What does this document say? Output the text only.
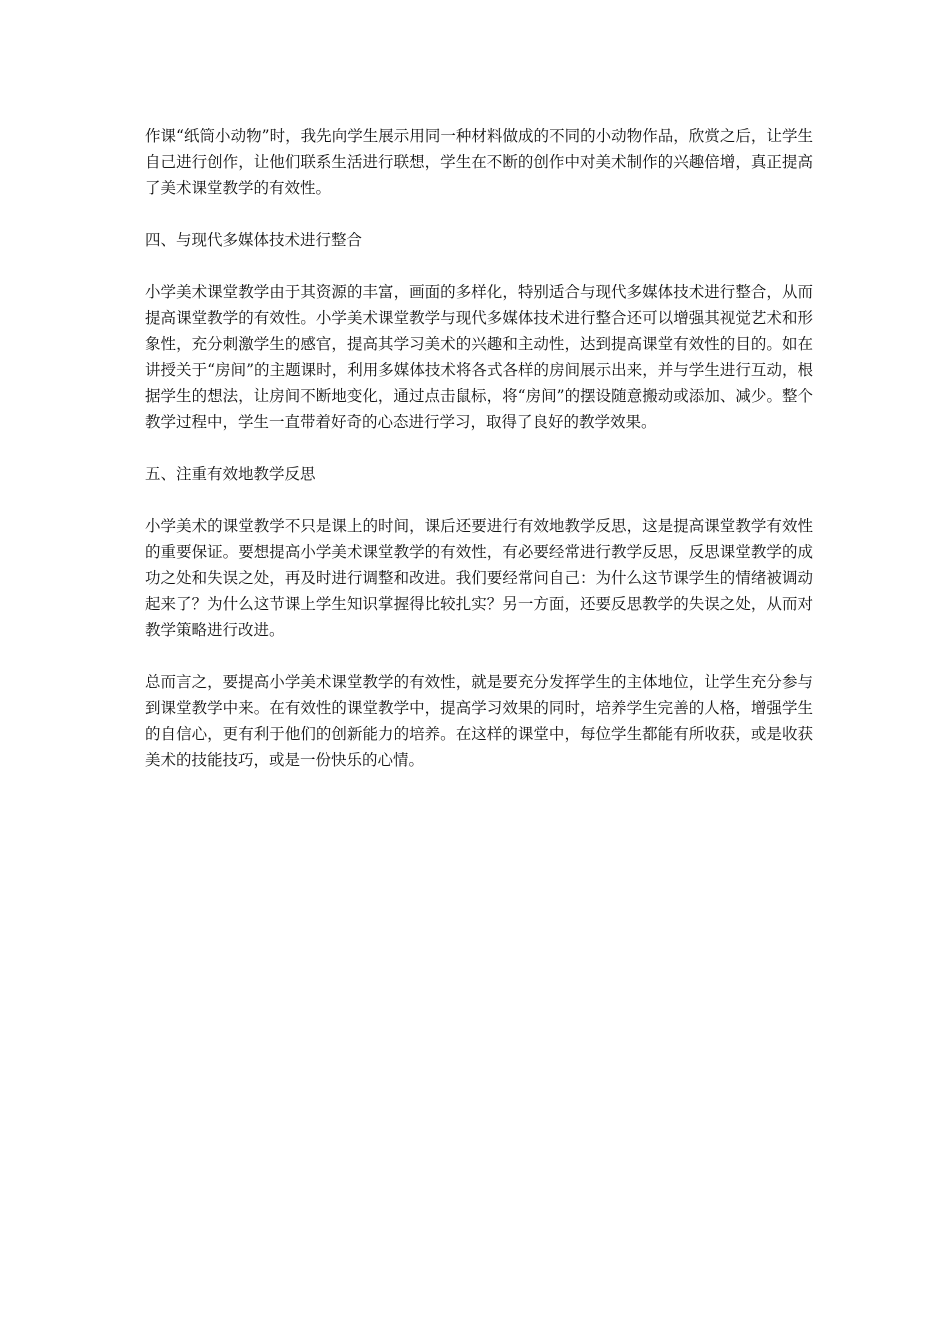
作课“纸筒小动物”时，我先向学生展示用同一种材料做成的不同的小动物作品，欣赏之后，让学生自己进行创作，让他们联系生活进行联想，学生在不断的创作中对美术制作的兴趣倍增，真正提高了美术课堂教学的有效性。

四、与现代多媒体技术进行整合

小学美术课堂教学由于其资源的丰富，画面的多样化，特别适合与现代多媒体技术进行整合，从而提高课堂教学的有效性。小学美术课堂教学与现代多媒体技术进行整合还可以增强其视觉艺术和形象性，充分刺激学生的感官，提高其学习美术的兴趣和主动性，达到提高课堂有效性的目的。如在讲授关于“房间”的主题课时，利用多媒体技术将各式各样的房间展示出来，并与学生进行互动，根据学生的想法，让房间不断地变化，通过点击鼠标，将“房间”的摆设随意搬动或添加、减少。整个教学过程中，学生一直带着好奇的心态进行学习，取得了良好的教学效果。

五、注重有效地教学反思

小学美术的课堂教学不只是课上的时间，课后还要进行有效地教学反思，这是提高课堂教学有效性的重要保证。要想提高小学美术课堂教学的有效性，有必要经常进行教学反思，反思课堂教学的成功之处和失误之处，再及时进行调整和改进。我们要经常问自己：为什么这节课学生的情绪被调动起来了？为什么这节课上学生知识掌握得比较扎实？另一方面，还要反思教学的失误之处，从而对教学策略进行改进。

总而言之，要提高小学美术课堂教学的有效性，就是要充分发挥学生的主体地位，让学生充分参与到课堂教学中来。在有效性的课堂教学中，提高学习效果的同时，培养学生完善的人格，增强学生的自信心，更有利于他们的创新能力的培养。在这样的课堂中，每位学生都能有所收获，或是收获美术的技能技巧，或是一份快乐的心情。
